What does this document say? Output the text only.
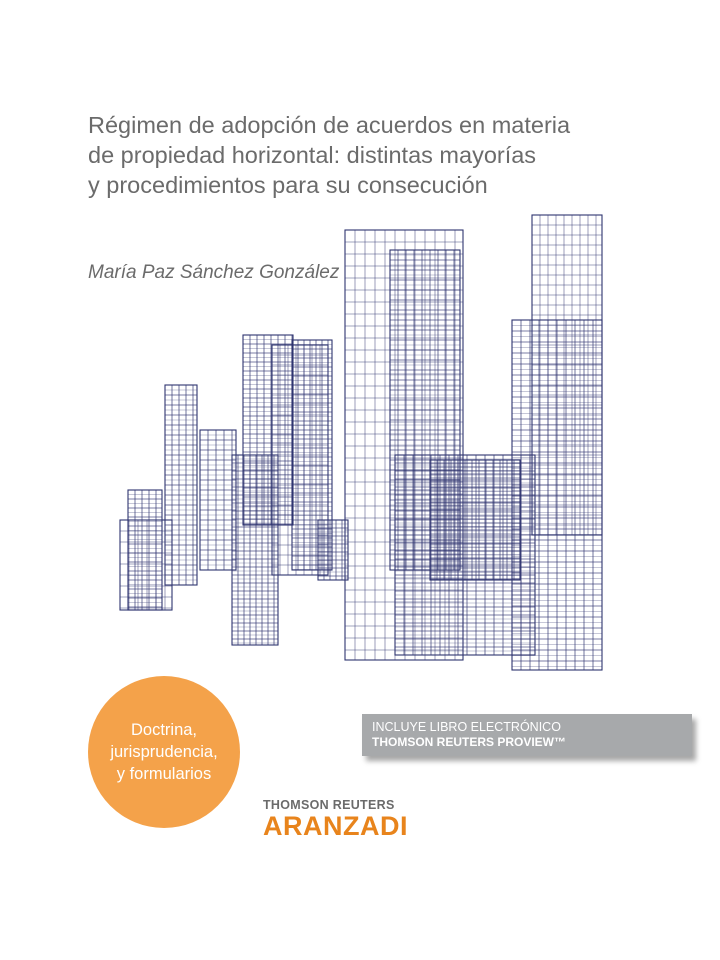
Régimen de adopción de acuerdos en materia
de propiedad horizontal: distintas mayorías
y procedimientos para su consecución
María Paz Sánchez González
Doctrina,
jurisprudencia,
y formularios
INCLUYE LIBRO ELECTRÓNICO
THOMSON REUTERS PROVIEW™
THOMSON REUTERS
ARANZADI
